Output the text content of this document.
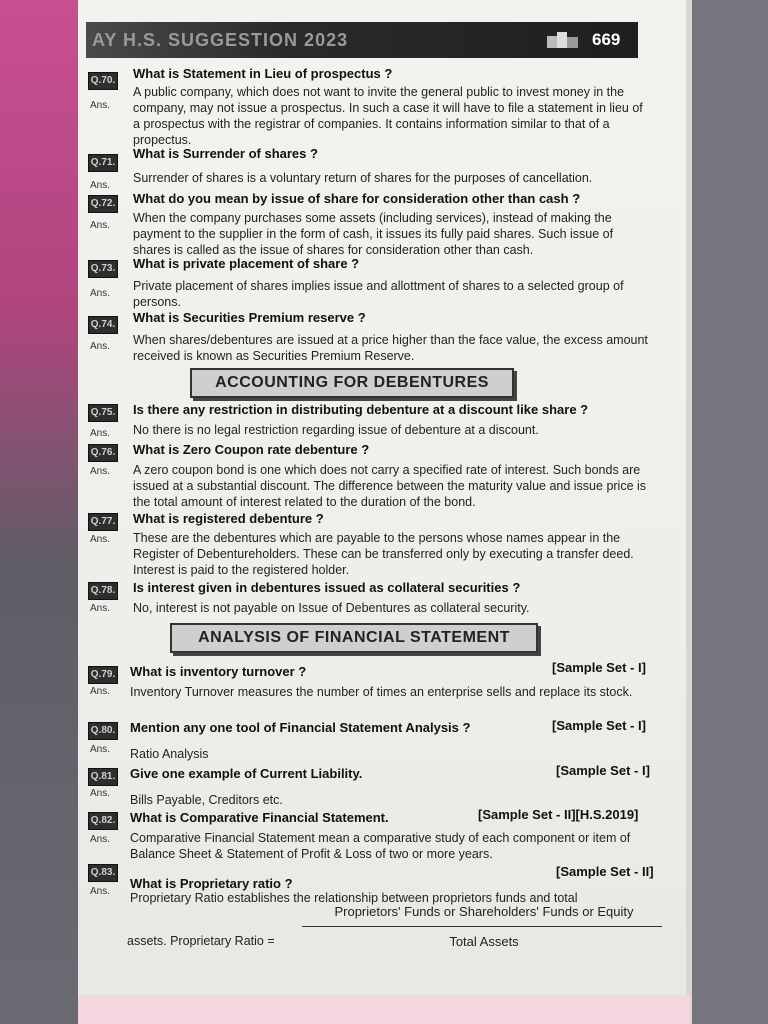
AY H.S. SUGGESTION 2023	669
Q.70. What is Statement in Lieu of prospectus ?
Ans.
A public company, which does not want to invite the general public to invest money in the company, may not issue a prospectus. In such a case it will have to file a statement in lieu of a prospectus with the registrar of companies. It contains information similar to that of a propectus.
Q.71.
What is Surrender of shares ?
Ans.
Surrender of shares is a voluntary return of shares for the purposes of cancellation.
Q.72. What do you mean by issue of share for consideration other than cash ?
Ans.
When the company purchases some assets (including services), instead of making the payment to the supplier in the form of cash, it issues its fully paid shares. Such issue of shares is called as the issue of shares for consideration other than cash.
Q.73. What is private placement of share ?
Ans.
Private placement of shares implies issue and allottment of shares to a selected group of persons.
Q.74. What is Securities Premium reserve ?
Ans. When shares/debentures are issued at a price higher than the face value, the excess amount received is known as Securities Premium Reserve.
ACCOUNTING FOR DEBENTURES
Q.75. Is there any restriction in distributing debenture at a discount like share ?
Ans. No there is no legal restriction regarding issue of debenture at a discount.
Q.76. What is Zero Coupon rate debenture ?
Ans. A zero coupon bond is one which does not carry a specified rate of interest. Such bonds are issued at a substantial discount. The difference between the maturity value and issue price is the total amount of interest related to the duration of the bond.
Q.77. What is registered debenture ?
Ans. These are the debentures which are payable to the persons whose names appear in the Register of Debentureholders. These can be transferred only by executing a transfer deed. Interest is paid to the registered holder.
Q.78. Is interest given in debentures issued as collateral securities ?
Ans. No, interest is not payable on Issue of Debentures as collateral security.
ANALYSIS OF FINANCIAL STATEMENT
Q.79. What is inventory turnover ?	[Sample Set - I]
Ans. Inventory Turnover measures the number of times an enterprise sells and replace its stock.
Q.80. Mention any one tool of Financial Statement Analysis ?	[Sample Set - I]
Ans. Ratio Analysis
Q.81. Give one example of Current Liability.	[Sample Set - I]
Ans. Bills Payable, Creditors etc.
Q.82. What is Comparative Financial Statement.	[Sample Set - II][H.S.2019]
Ans. Comparative Financial Statement mean a comparative study of each component or item of Balance Sheet & Statement of Profit & Loss of two or more years.
Q.83.
What is Proprietary ratio ?
[Sample Set - II]
Ans. Proprietary Ratio establishes the relationship between proprietors funds and total
assets. Proprietary Ratio =
Proprietors' Funds or Shareholders' Funds or Equity
Total Assets
